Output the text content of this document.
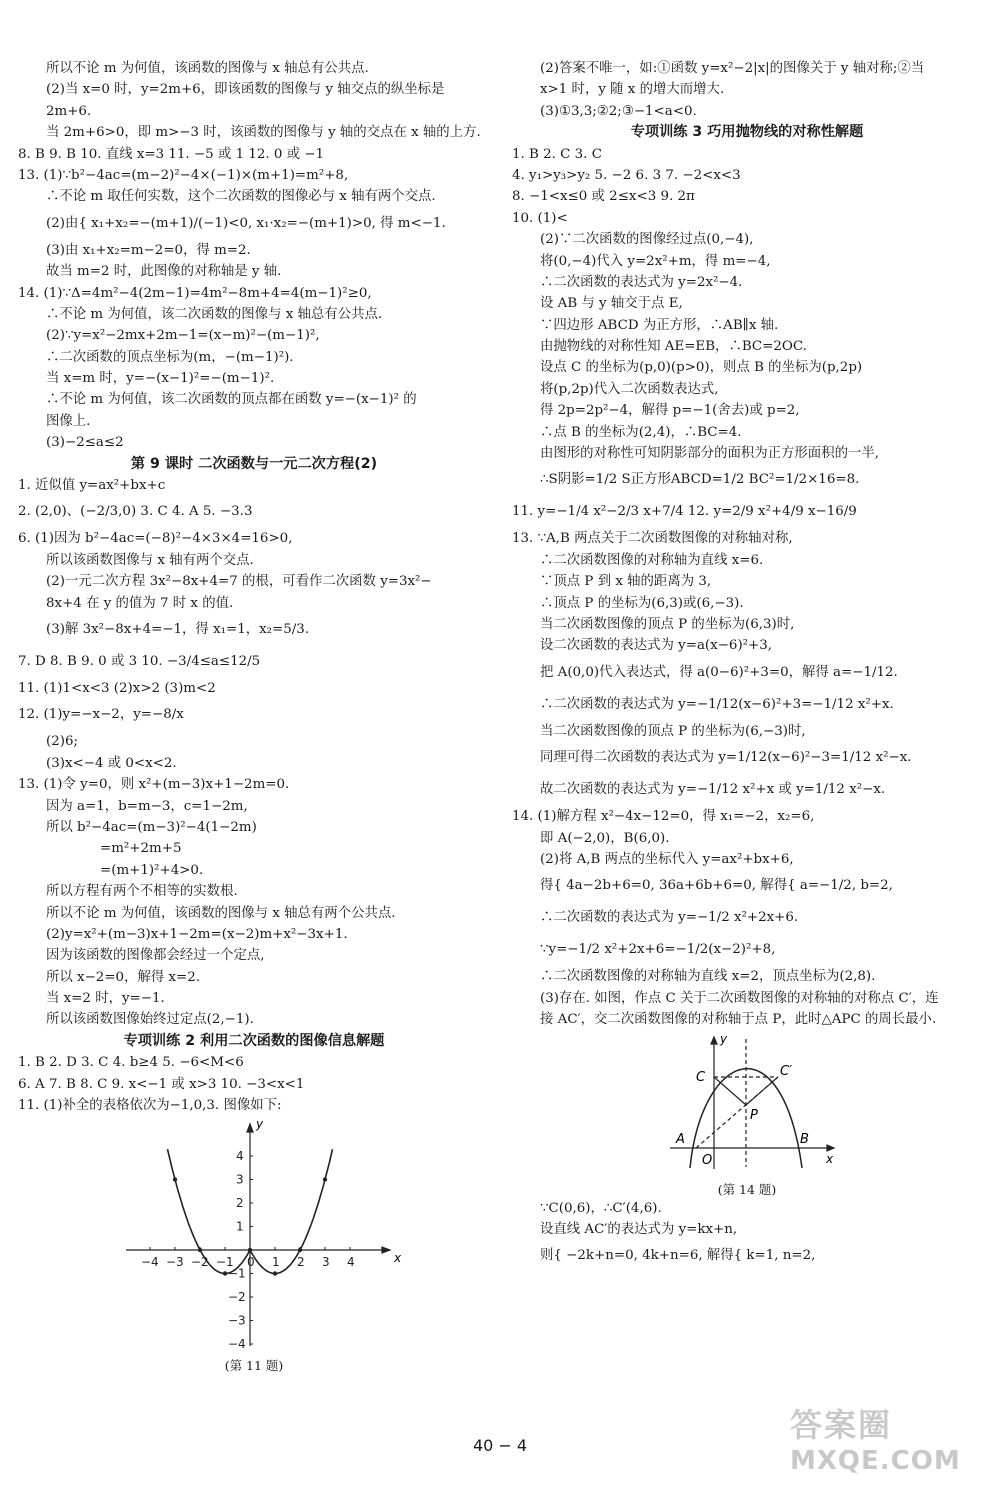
所以不论 m 为何值，该函数的图像与 x 轴总有公共点.
(2)当 x=0 时，y=2m+6，即该函数的图像与 y 轴交点的纵坐标是
2m+6.
当 2m+6>0，即 m>−3 时，该函数的图像与 y 轴的交点在 x 轴的上方.
8. B 9. B 10. 直线 x=3 11. −5 或 1 12. 0 或 −1
13. (1)∵b²−4ac=(m−2)²−4×(−1)×(m+1)=m²+8,
∴不论 m 取任何实数，这个二次函数的图像必与 x 轴有两个交点.
(2)由{ x₁+x₂=−(m+1)/(−1)<0, x₁·x₂=−(m+1)>0, 得 m<−1.
(3)由 x₁+x₂=m−2=0，得 m=2.
故当 m=2 时，此图像的对称轴是 y 轴.
14. (1)∵Δ=4m²−4(2m−1)=4m²−8m+4=4(m−1)²≥0,
∴不论 m 为何值，该二次函数的图像与 x 轴总有公共点.
(2)∵y=x²−2mx+2m−1=(x−m)²−(m−1)²,
∴二次函数的顶点坐标为(m，−(m−1)²).
当 x=m 时，y=−(x−1)²=−(m−1)².
∴不论 m 为何值，该二次函数的顶点都在函数 y=−(x−1)² 的
图像上.
(3)−2≤a≤2
第 9 课时 二次函数与一元二次方程(2)
1. 近似值 y=ax²+bx+c
2. (2,0)、(−2/3,0) 3. C 4. A 5. −3.3
6. (1)因为 b²−4ac=(−8)²−4×3×4=16>0,
所以该函数图像与 x 轴有两个交点.
(2)一元二次方程 3x²−8x+4=7 的根，可看作二次函数 y=3x²−
8x+4 在 y 的值为 7 时 x 的值.
(3)解 3x²−8x+4=−1，得 x₁=1，x₂=5/3.
7. D 8. B 9. 0 或 3 10. −3/4≤a≤12/5
11. (1)1<x<3 (2)x>2 (3)m<2
12. (1)y=−x−2，y=−8/x
(2)6;
(3)x<−4 或 0<x<2.
13. (1)令 y=0，则 x²+(m−3)x+1−2m=0.
因为 a=1，b=m−3，c=1−2m,
所以 b²−4ac=(m−3)²−4(1−2m)
=m²+2m+5
=(m+1)²+4>0.
所以方程有两个不相等的实数根.
所以不论 m 为何值，该函数的图像与 x 轴总有两个公共点.
(2)y=x²+(m−3)x+1−2m=(x−2)m+x²−3x+1.
因为该函数的图像都会经过一个定点,
所以 x−2=0，解得 x=2.
当 x=2 时，y=−1.
所以该函数图像始终过定点(2,−1).
专项训练 2 利用二次函数的图像信息解题
1. B 2. D 3. C 4. b≥4 5. −6<M<6
6. A 7. B 8. C 9. x<−1 或 x>3 10. −3<x<1
11. (1)补全的表格依次为−1,0,3. 图像如下:
−4 −3 −2 −1 0 1 2 3 4
4
3
2
1
−1
−2
−3
−4
x
y
(第 11 题)
(2)答案不唯一，如:①函数 y=x²−2|x|的图像关于 y 轴对称;②当
x>1 时，y 随 x 的增大而增大.
(3)①3,3;②2;③−1<a<0.
专项训练 3 巧用抛物线的对称性解题
1. B 2. C 3. C
4. y₁>y₃>y₂ 5. −2 6. 3 7. −2<x<3
8. −1<x≤0 或 2≤x<3 9. 2π
10. (1)<
(2)∵二次函数的图像经过点(0,−4),
将(0,−4)代入 y=2x²+m，得 m=−4,
∴二次函数的表达式为 y=2x²−4.
设 AB 与 y 轴交于点 E,
∵四边形 ABCD 为正方形，∴AB∥x 轴.
由抛物线的对称性知 AE=EB，∴BC=2OC.
设点 C 的坐标为(p,0)(p>0)，则点 B 的坐标为(p,2p)
将(p,2p)代入二次函数表达式,
得 2p=2p²−4，解得 p=−1(舍去)或 p=2,
∴点 B 的坐标为(2,4)，∴BC=4.
由图形的对称性可知阴影部分的面积为正方形面积的一半,
∴S阴影=1/2 S正方形ABCD=1/2 BC²=1/2×16=8.
11. y=−1/4 x²−2/3 x+7/4 12. y=2/9 x²+4/9 x−16/9
13. ∵A,B 两点关于二次函数图像的对称轴对称,
∴二次函数图像的对称轴为直线 x=6.
∵顶点 P 到 x 轴的距离为 3,
∴顶点 P 的坐标为(6,3)或(6,−3).
当二次函数图像的顶点 P 的坐标为(6,3)时,
设二次函数的表达式为 y=a(x−6)²+3,
把 A(0,0)代入表达式，得 a(0−6)²+3=0，解得 a=−1/12.
∴二次函数的表达式为 y=−1/12(x−6)²+3=−1/12 x²+x.
当二次函数图像的顶点 P 的坐标为(6,−3)时,
同理可得二次函数的表达式为 y=1/12(x−6)²−3=1/12 x²−x.
故二次函数的表达式为 y=−1/12 x²+x 或 y=1/12 x²−x.
14. (1)解方程 x²−4x−12=0，得 x₁=−2，x₂=6,
即 A(−2,0)，B(6,0).
(2)将 A,B 两点的坐标代入 y=ax²+bx+6,
得{ 4a−2b+6=0, 36a+6b+6=0, 解得{ a=−1/2, b=2,
∴二次函数的表达式为 y=−1/2 x²+2x+6.
∵y=−1/2 x²+2x+6=−1/2(x−2)²+8,
∴二次函数图像的对称轴为直线 x=2，顶点坐标为(2,8).
(3)存在. 如图，作点 C 关于二次函数图像的对称轴的对称点 C′，连
接 AC′，交二次函数图像的对称轴于点 P，此时△APC 的周长最小.
C	C′
P
A
O
B
x
y
(第 14 题)
∵C(0,6)，∴C′(4,6).
设直线 AC′的表达式为 y=kx+n,
则{ −2k+n=0, 4k+n=6, 解得{ k=1, n=2,
40 − 4
答案圈
MXQE.COM
